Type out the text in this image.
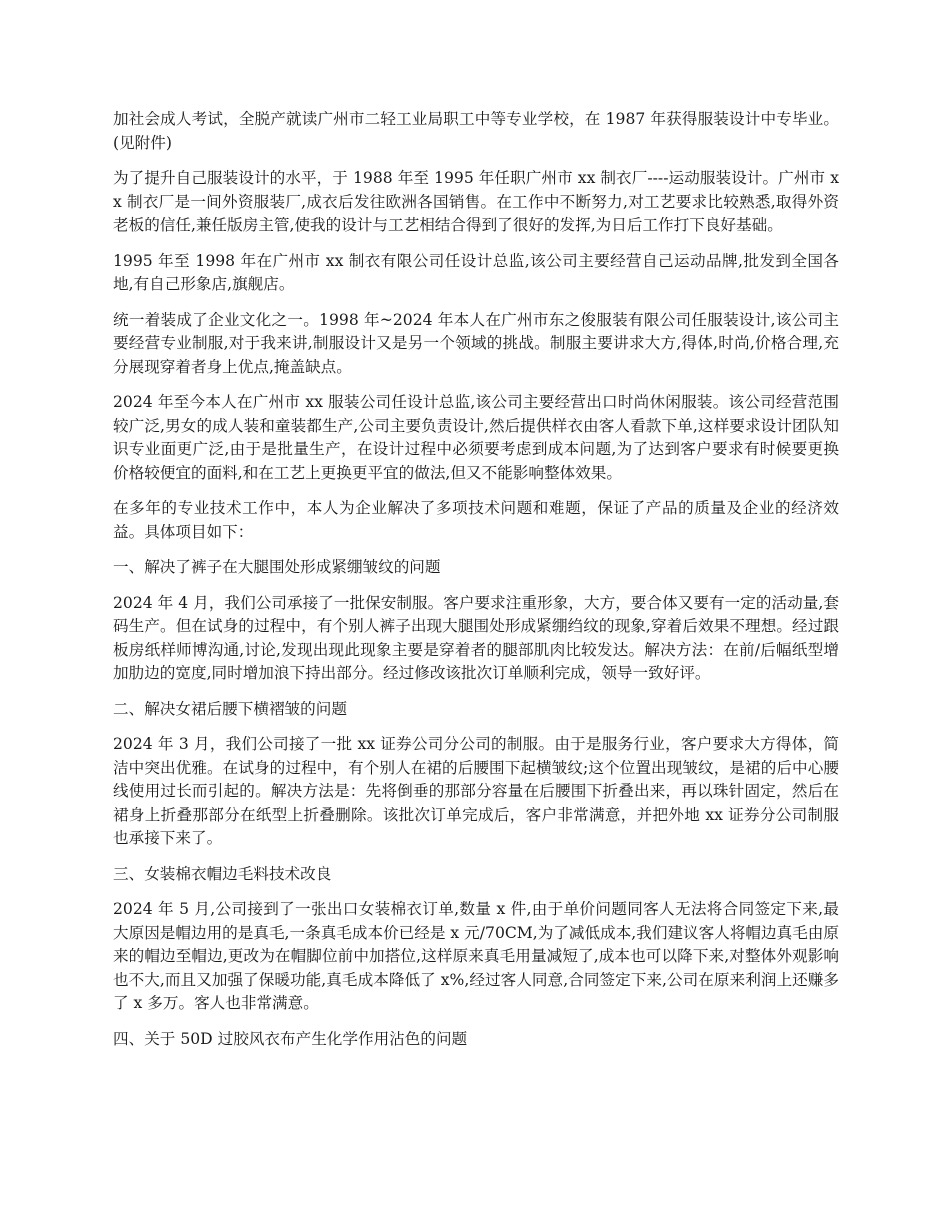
加社会成人考试，全脱产就读广州市二轻工业局职工中等专业学校，在 1987 年获得服装设计中专毕业。(见附件)

为了提升自己服装设计的水平，于 1988 年至 1995 年任职广州市 xx 制衣厂----运动服装设计。广州市 xx 制衣厂是一间外资服装厂,成衣后发往欧洲各国销售。在工作中不断努力,对工艺要求比较熟悉,取得外资老板的信任,兼任版房主管,使我的设计与工艺相结合得到了很好的发挥,为日后工作打下良好基础。

1995 年至 1998 年在广州市 xx 制衣有限公司任设计总监,该公司主要经营自己运动品牌,批发到全国各地,有自己形象店,旗舰店。

统一着装成了企业文化之一。1998 年~2024 年本人在广州市东之俊服装有限公司任服装设计,该公司主要经营专业制服,对于我来讲,制服设计又是另一个领域的挑战。制服主要讲求大方,得体,时尚,价格合理,充分展现穿着者身上优点,掩盖缺点。

2024 年至今本人在广州市 xx 服装公司任设计总监,该公司主要经营出口时尚休闲服装。该公司经营范围较广泛,男女的成人装和童装都生产,公司主要负责设计,然后提供样衣由客人看款下单,这样要求设计团队知识专业面更广泛,由于是批量生产，在设计过程中必须要考虑到成本问题,为了达到客户要求有时候要更换价格较便宜的面料,和在工艺上更换更平宜的做法,但又不能影响整体效果。

在多年的专业技术工作中，本人为企业解决了多项技术问题和难题，保证了产品的质量及企业的经济效益。具体项目如下：

一、解决了裤子在大腿围处形成紧绷皱纹的问题

2024 年 4 月，我们公司承接了一批保安制服。客户要求注重形象，大方，要合体又要有一定的活动量,套码生产。但在试身的过程中，有个别人裤子出现大腿围处形成紧绷绉纹的现象,穿着后效果不理想。经过跟板房纸样师博沟通,讨论,发现出现此现象主要是穿着者的腿部肌肉比较发达。解决方法：在前/后幅纸型增加肋边的宽度,同时增加浪下持出部分。经过修改该批次订单顺利完成，领导一致好评。

二、解决女裙后腰下横褶皱的问题

2024 年 3 月，我们公司接了一批 xx 证券公司分公司的制服。由于是服务行业，客户要求大方得体，简洁中突出优雅。在试身的过程中，有个别人在裙的后腰围下起横皱纹;这个位置出现皱纹，是裙的后中心腰线使用过长而引起的。解决方法是：先将倒垂的那部分容量在后腰围下折叠出来，再以珠针固定，然后在裙身上折叠那部分在纸型上折叠删除。该批次订单完成后，客户非常满意，并把外地 xx 证券分公司制服也承接下来了。

三、女装棉衣帽边毛料技术改良

2024 年 5 月,公司接到了一张出口女装棉衣订单,数量 x 件,由于单价问题同客人无法将合同签定下来,最大原因是帽边用的是真毛,一条真毛成本价已经是 x 元/70CM,为了减低成本,我们建议客人将帽边真毛由原来的帽边至帽边,更改为在帽脚位前中加搭位,这样原来真毛用量减短了,成本也可以降下来,对整体外观影响也不大,而且又加强了保暖功能,真毛成本降低了 x%,经过客人同意,合同签定下来,公司在原来利润上还赚多了 x 多万。客人也非常满意。

四、关于 50D 过胶风衣布产生化学作用沾色的问题
